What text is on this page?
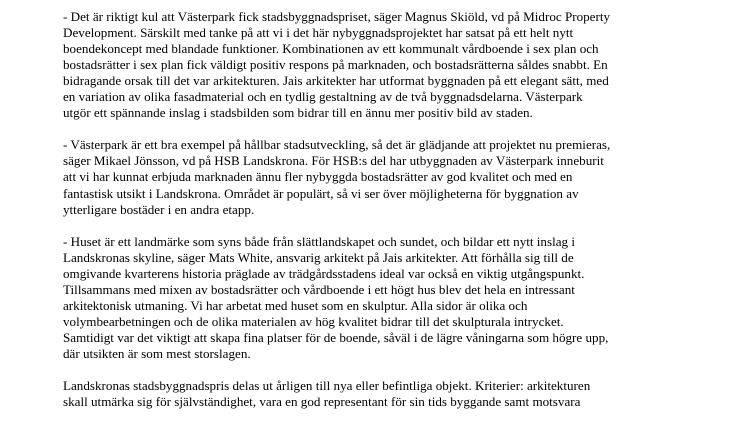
- Det är riktigt kul att Västerpark fick stadsbyggnadspriset, säger Magnus Skiöld, vd på Midroc Property
Development. Särskilt med tanke på att vi i det här nybyggnadsprojektet har satsat på ett helt nytt
boendekoncept med blandade funktioner. Kombinationen av ett kommunalt vårdboende i sex plan och
bostadsrätter i sex plan fick väldigt positiv respons på marknaden, och bostadsrätterna såldes snabbt. En
bidragande orsak till det var arkitekturen. Jais arkitekter har utformat byggnaden på ett elegant sätt, med
en variation av olika fasadmaterial och en tydlig gestaltning av de två byggnadsdelarna. Västerpark
utgör ett spännande inslag i stadsbilden som bidrar till en ännu mer positiv bild av staden.
- Västerpark är ett bra exempel på hållbar stadsutveckling, så det är glädjande att projektet nu premieras,
säger Mikael Jönsson, vd på HSB Landskrona. För HSB:s del har utbyggnaden av Västerpark inneburit
att vi har kunnat erbjuda marknaden ännu fler nybyggda bostadsrätter av god kvalitet och med en
fantastisk utsikt i Landskrona. Området är populärt, så vi ser över möjligheterna för byggnation av
ytterligare bostäder i en andra etapp.
- Huset är ett landmärke som syns både från slättlandskapet och sundet, och bildar ett nytt inslag i
Landskronas skyline, säger Mats White, ansvarig arkitekt på Jais arkitekter. Att förhålla sig till de
omgivande kvarterens historia präglade av trädgårdsstadens ideal var också en viktig utgångspunkt.
Tillsammans med mixen av bostadsrätter och vårdboende i ett högt hus blev det hela en intressant
arkitektonisk utmaning. Vi har arbetat med huset som en skulptur. Alla sidor är olika och
volymbearbetningen och de olika materialen av hög kvalitet bidrar till det skulpturala intrycket.
Samtidigt var det viktigt att skapa fina platser för de boende, såväl i de lägre våningarna som högre upp,
där utsikten är som mest storslagen.
Landskronas stadsbyggnadspris delas ut årligen till nya eller befintliga objekt. Kriterier: arkitekturen
skall utmärka sig för självständighet, vara en god representant för sin tids byggande samt motsvara
